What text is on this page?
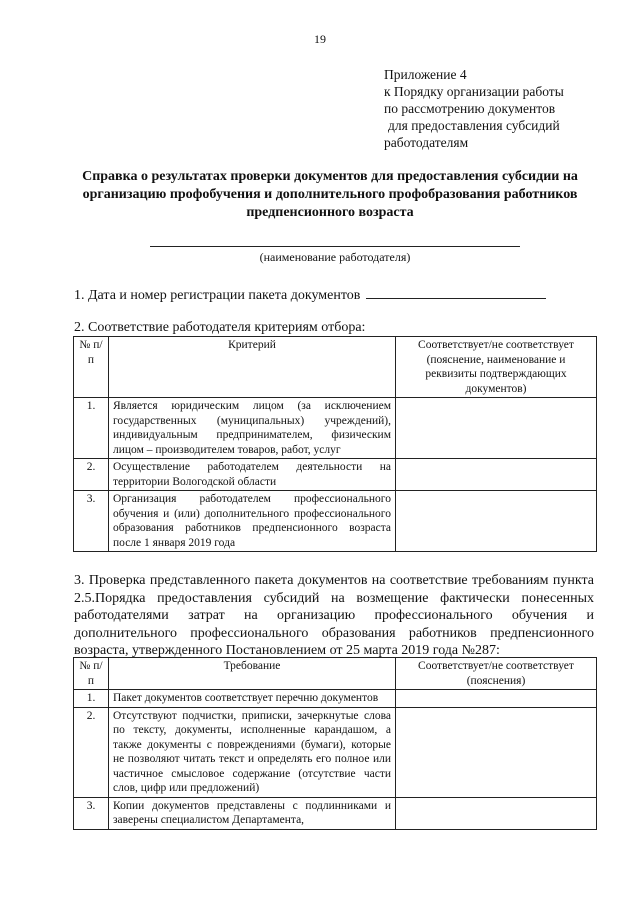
19
Приложение 4
к Порядку организации работы
по рассмотрению документов
для предоставления субсидий
работодателям
Справка о результатах проверки документов для предоставления субсидии на организацию профобучения и дополнительного профобразования работников предпенсионного возраста
(наименование работодателя)
1. Дата и номер регистрации пакета документов
2. Соответствие работодателя критериям отбора:
№ п/п	Критерий	Соответствует/не соответствует (пояснение, наименование и реквизиты подтверждающих документов)
1.	Является юридическим лицом (за исключением государственных (муниципальных) учреждений), индивидуальным предпринимателем, физическим лицом – производителем товаров, работ, услуг	
2.	Осуществление работодателем деятельности на территории Вологодской области	
3.	Организация работодателем профессионального обучения и (или) дополнительного профессионального образования работников предпенсионного возраста после 1 января 2019 года	
3. Проверка представленного пакета документов на соответствие требованиям пункта 2.5.Порядка предоставления субсидий на возмещение фактически понесенных работодателями затрат на организацию профессионального обучения и дополнительного профессионального образования работников предпенсионного возраста, утвержденного Постановлением от 25 марта 2019 года №287:
№ п/п	Требование	Соответствует/не соответствует (пояснения)
1.	Пакет документов соответствует перечню документов	
2.	Отсутствуют подчистки, приписки, зачеркнутые слова по тексту, документы, исполненные карандашом, а также документы с повреждениями (бумаги), которые не позволяют читать текст и определять его полное или частичное смысловое содержание (отсутствие части слов, цифр или предложений)	
3.	Копии документов представлены с подлинниками и заверены специалистом Департамента,	
